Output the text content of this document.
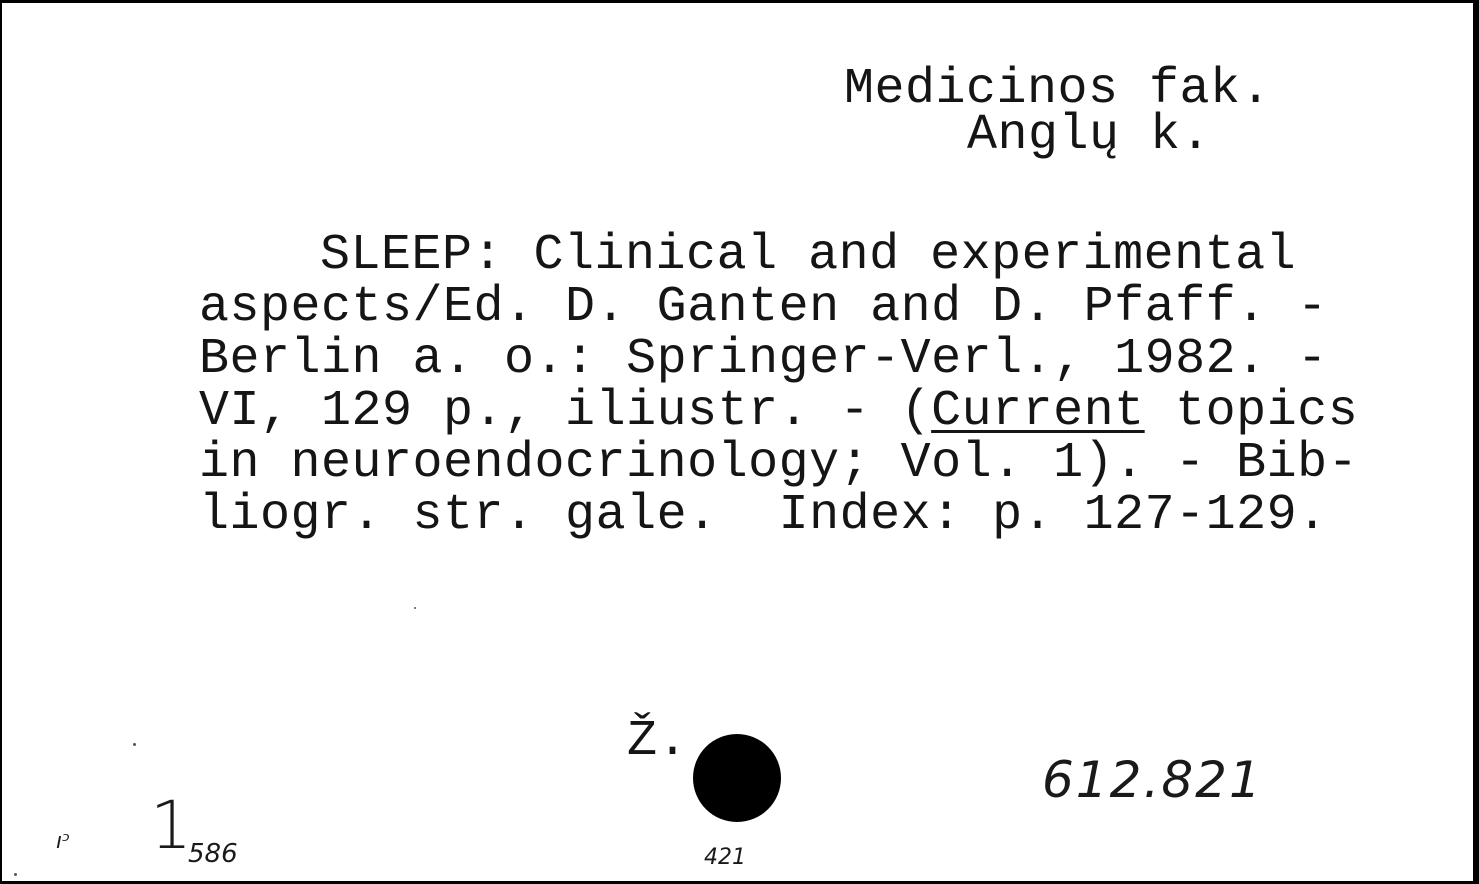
Medicinos fak.
Anglų k.
SLEEP: Clinical and experimental
aspects/Ed. D. Ganten and D. Pfaff. -
Berlin a. o.: Springer-Verl., 1982. -
VI, 129 p., iliustr. - (Current topics
in neuroendocrinology; Vol. 1). - Bib-
liogr. str. gale.  Index: p. 127-129.
Ž.
612.821
ıᵓ 1
586	421
